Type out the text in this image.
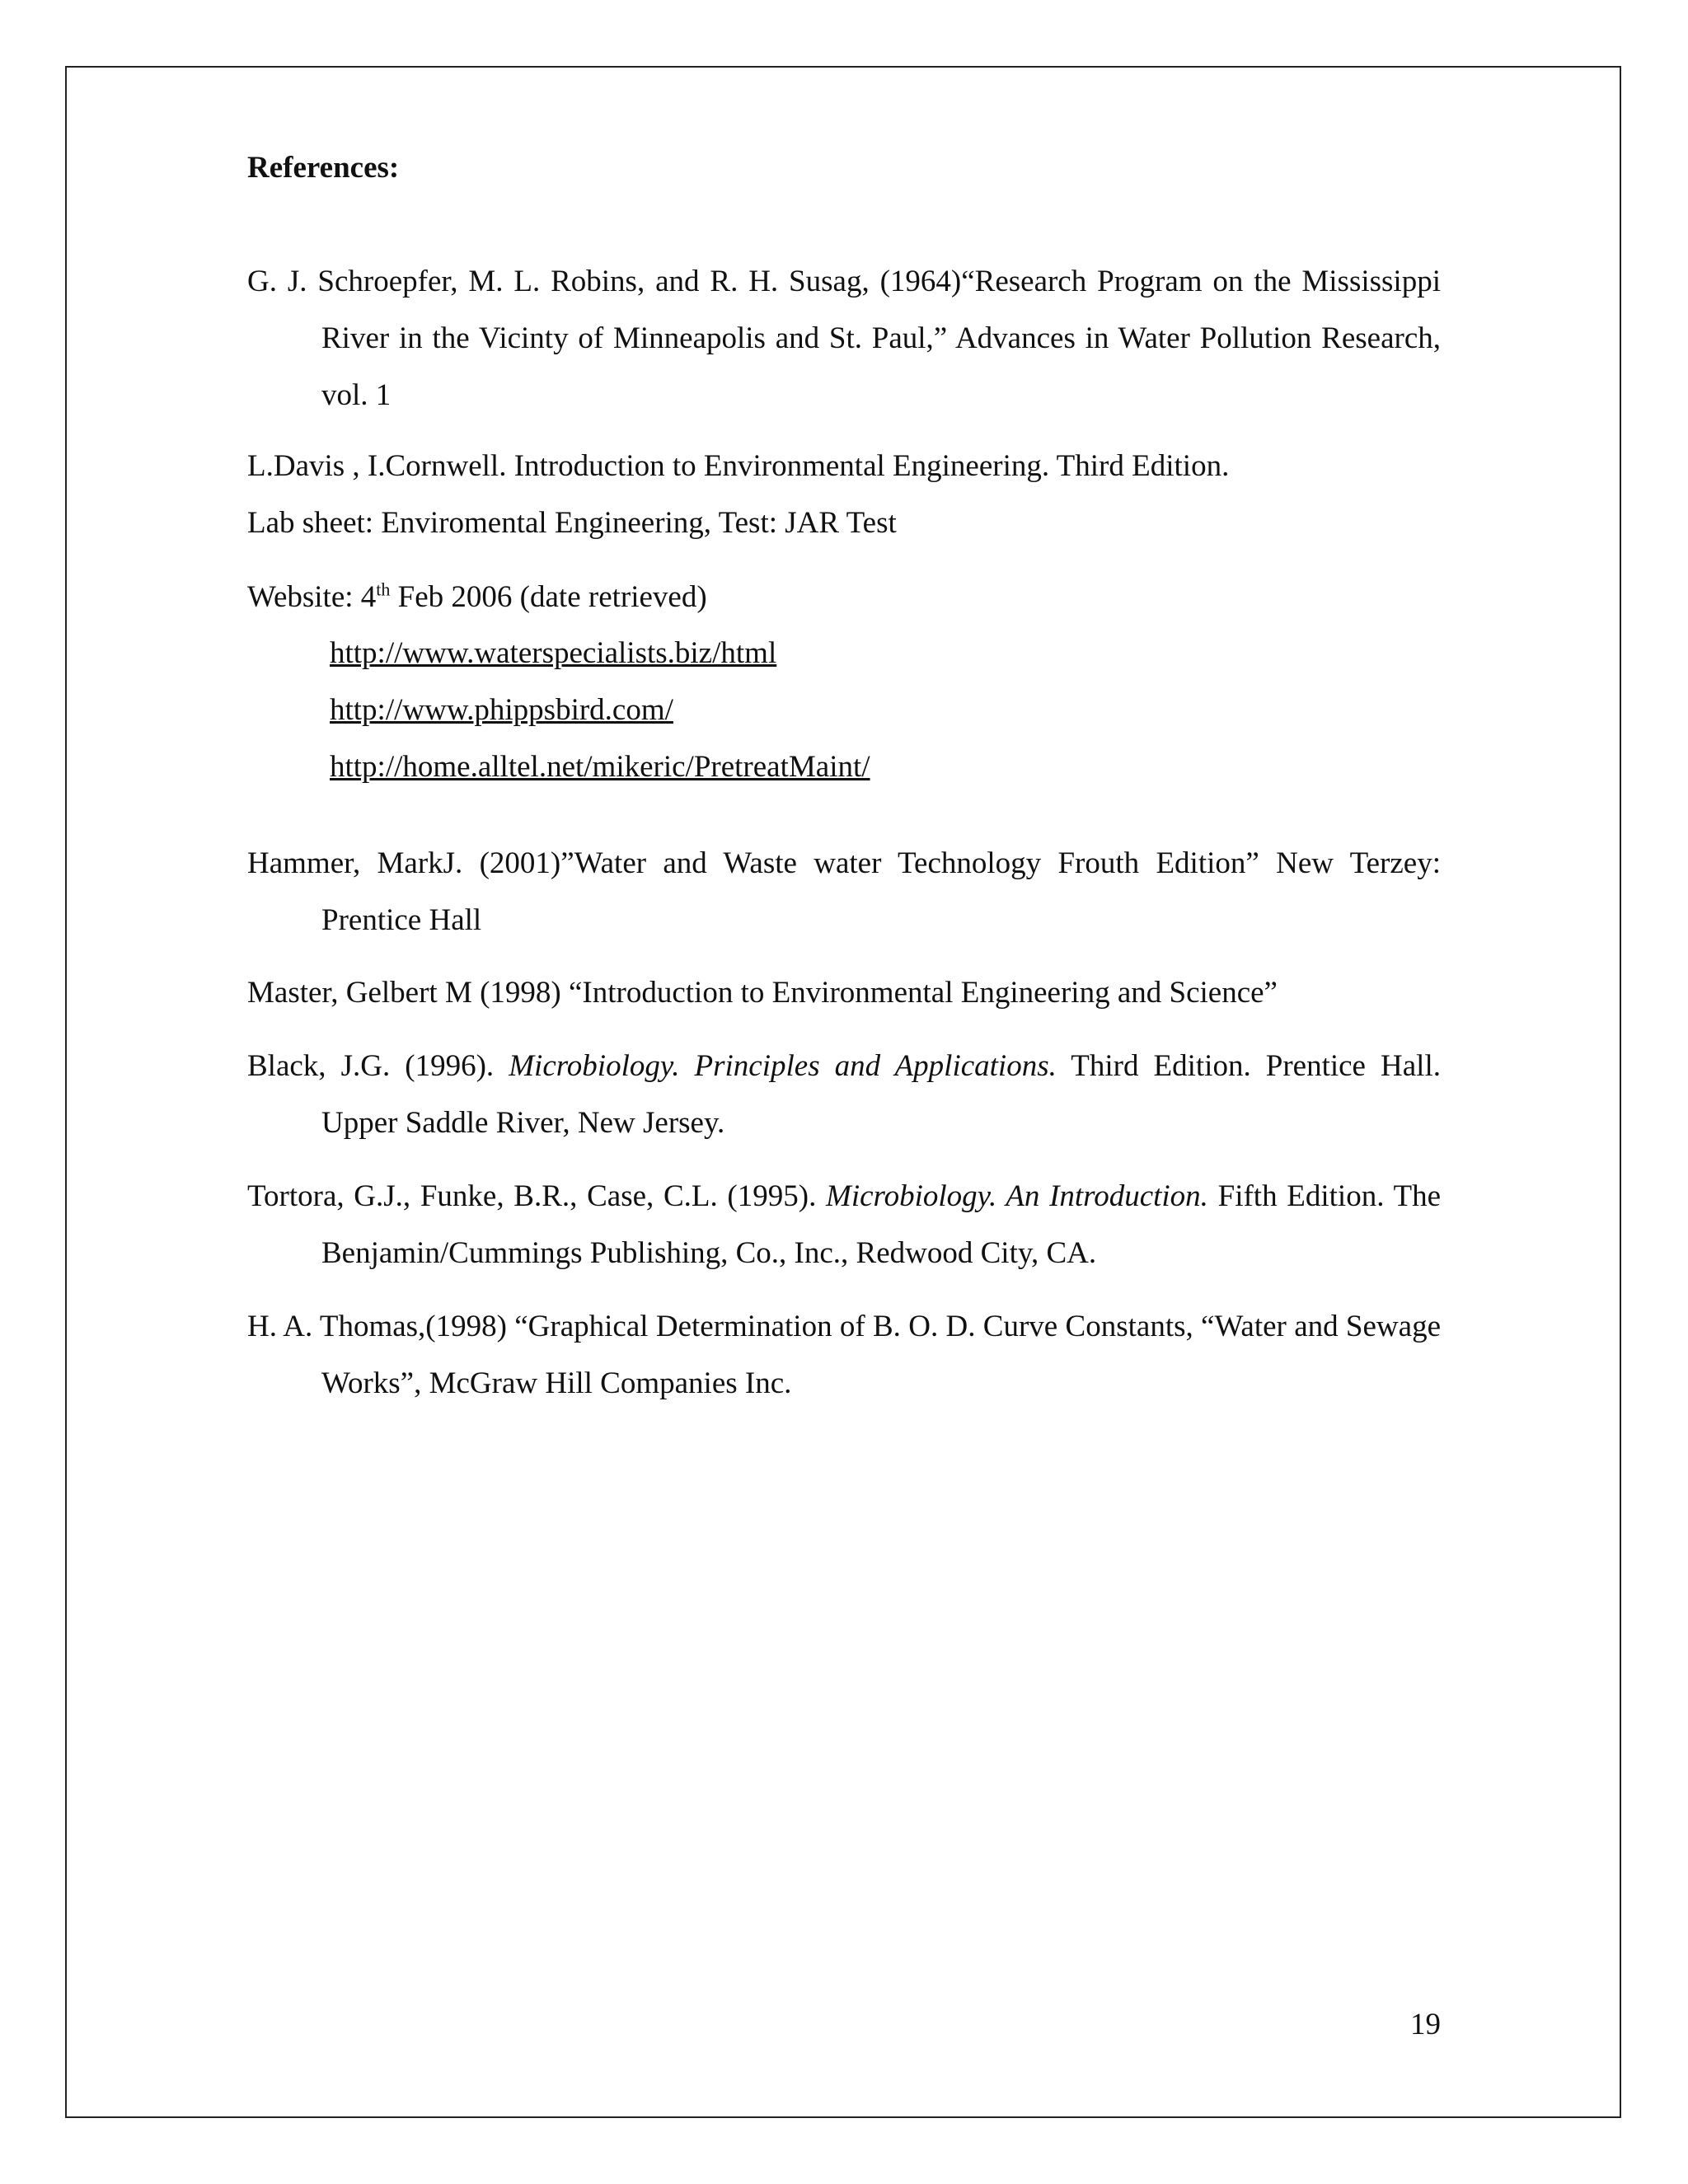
References:
G. J. Schroepfer, M. L. Robins, and R. H. Susag, (1964)“Research Program on the Mississippi River in the Vicinty of Minneapolis and St. Paul,” Advances in Water Pollution Research, vol. 1
L.Davis , I.Cornwell. Introduction to Environmental Engineering. Third Edition.
Lab sheet: Enviromental Engineering, Test: JAR Test
Website: 4th Feb 2006 (date retrieved)
http://www.waterspecialists.biz/html
http://www.phippsbird.com/
http://home.alltel.net/mikeric/PretreatMaint/
Hammer, MarkJ. (2001)”Water and Waste water Technology Frouth Edition” New Terzey: Prentice Hall
Master, Gelbert M (1998) “Introduction to Environmental Engineering and Science”
Black, J.G. (1996). Microbiology. Principles and Applications. Third Edition. Prentice Hall. Upper Saddle River, New Jersey.
Tortora, G.J., Funke, B.R., Case, C.L. (1995). Microbiology. An Introduction. Fifth Edition. The Benjamin/Cummings Publishing, Co., Inc., Redwood City, CA.
H. A. Thomas,(1998) “Graphical Determination of B. O. D. Curve Constants, “Water and Sewage Works”, McGraw Hill Companies Inc.
19
